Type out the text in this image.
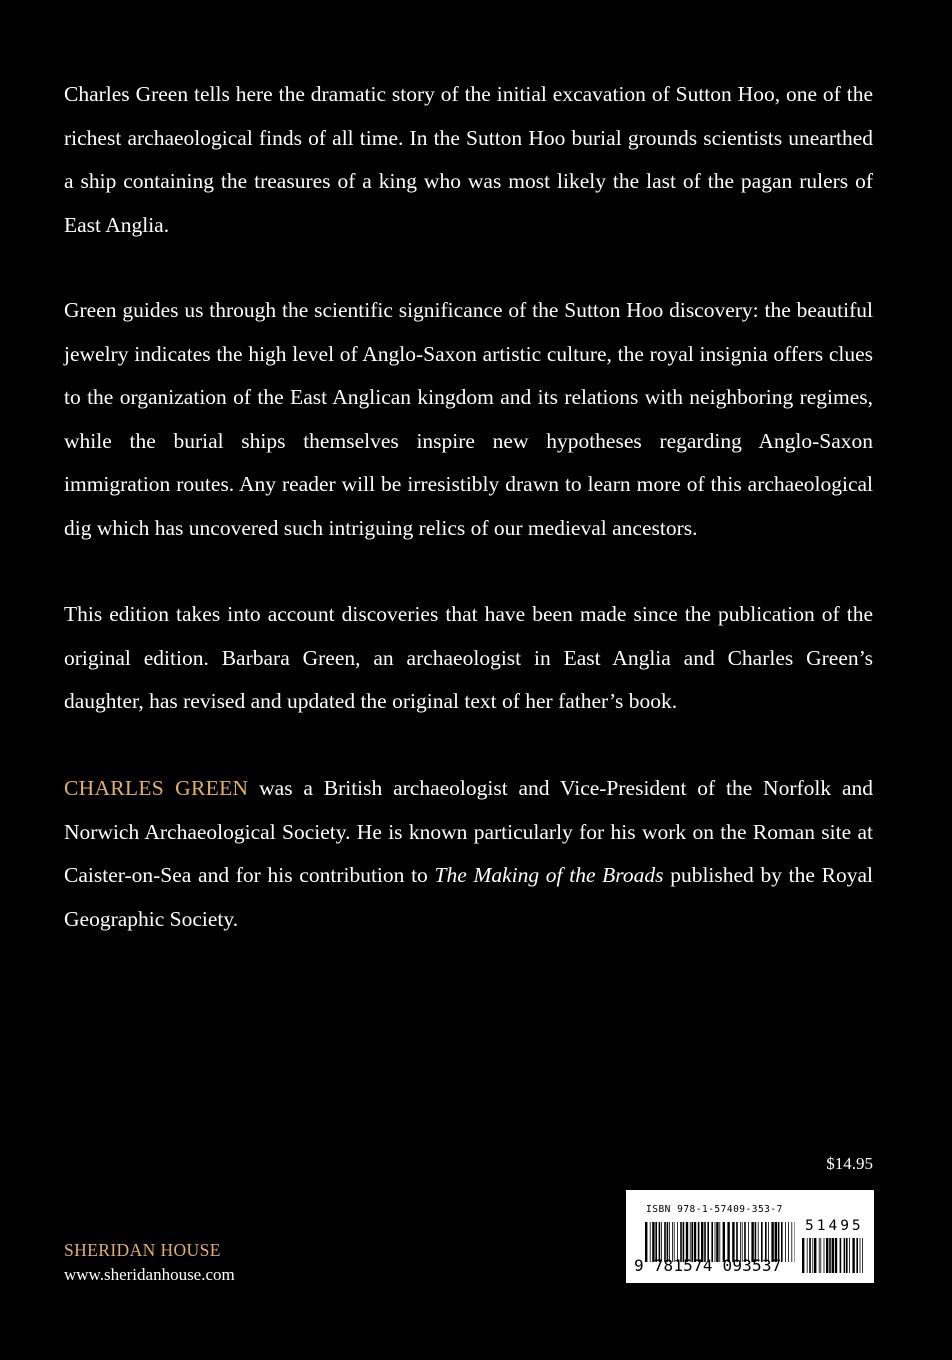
Charles Green tells here the dramatic story of the initial excavation of Sutton Hoo, one of the richest archaeological finds of all time. In the Sutton Hoo burial grounds scientists unearthed a ship containing the treasures of a king who was most likely the last of the pagan rulers of East Anglia.

Green guides us through the scientific significance of the Sutton Hoo discovery: the beautiful jewelry indicates the high level of Anglo-Saxon artistic culture, the royal insignia offers clues to the organization of the East Anglican kingdom and its relations with neighboring regimes, while the burial ships themselves inspire new hypotheses regarding Anglo-Saxon immigration routes. Any reader will be irresistibly drawn to learn more of this archaeological dig which has uncovered such intriguing relics of our medieval ancestors.

This edition takes into account discoveries that have been made since the publication of the original edition. Barbara Green, an archaeologist in East Anglia and Charles Green’s daughter, has revised and updated the original text of her father’s book.

CHARLES GREEN was a British archaeologist and Vice-President of the Norfolk and Norwich Archaeological Society. He is known particularly for his work on the Roman site at Caister-on-Sea and for his contribution to The Making of the Broads published by the Royal Geographic Society.

$14.95
ISBN 978-1-57409-353-7
9 781574 093537
51495
SHERIDAN HOUSE
www.sheridanhouse.com
